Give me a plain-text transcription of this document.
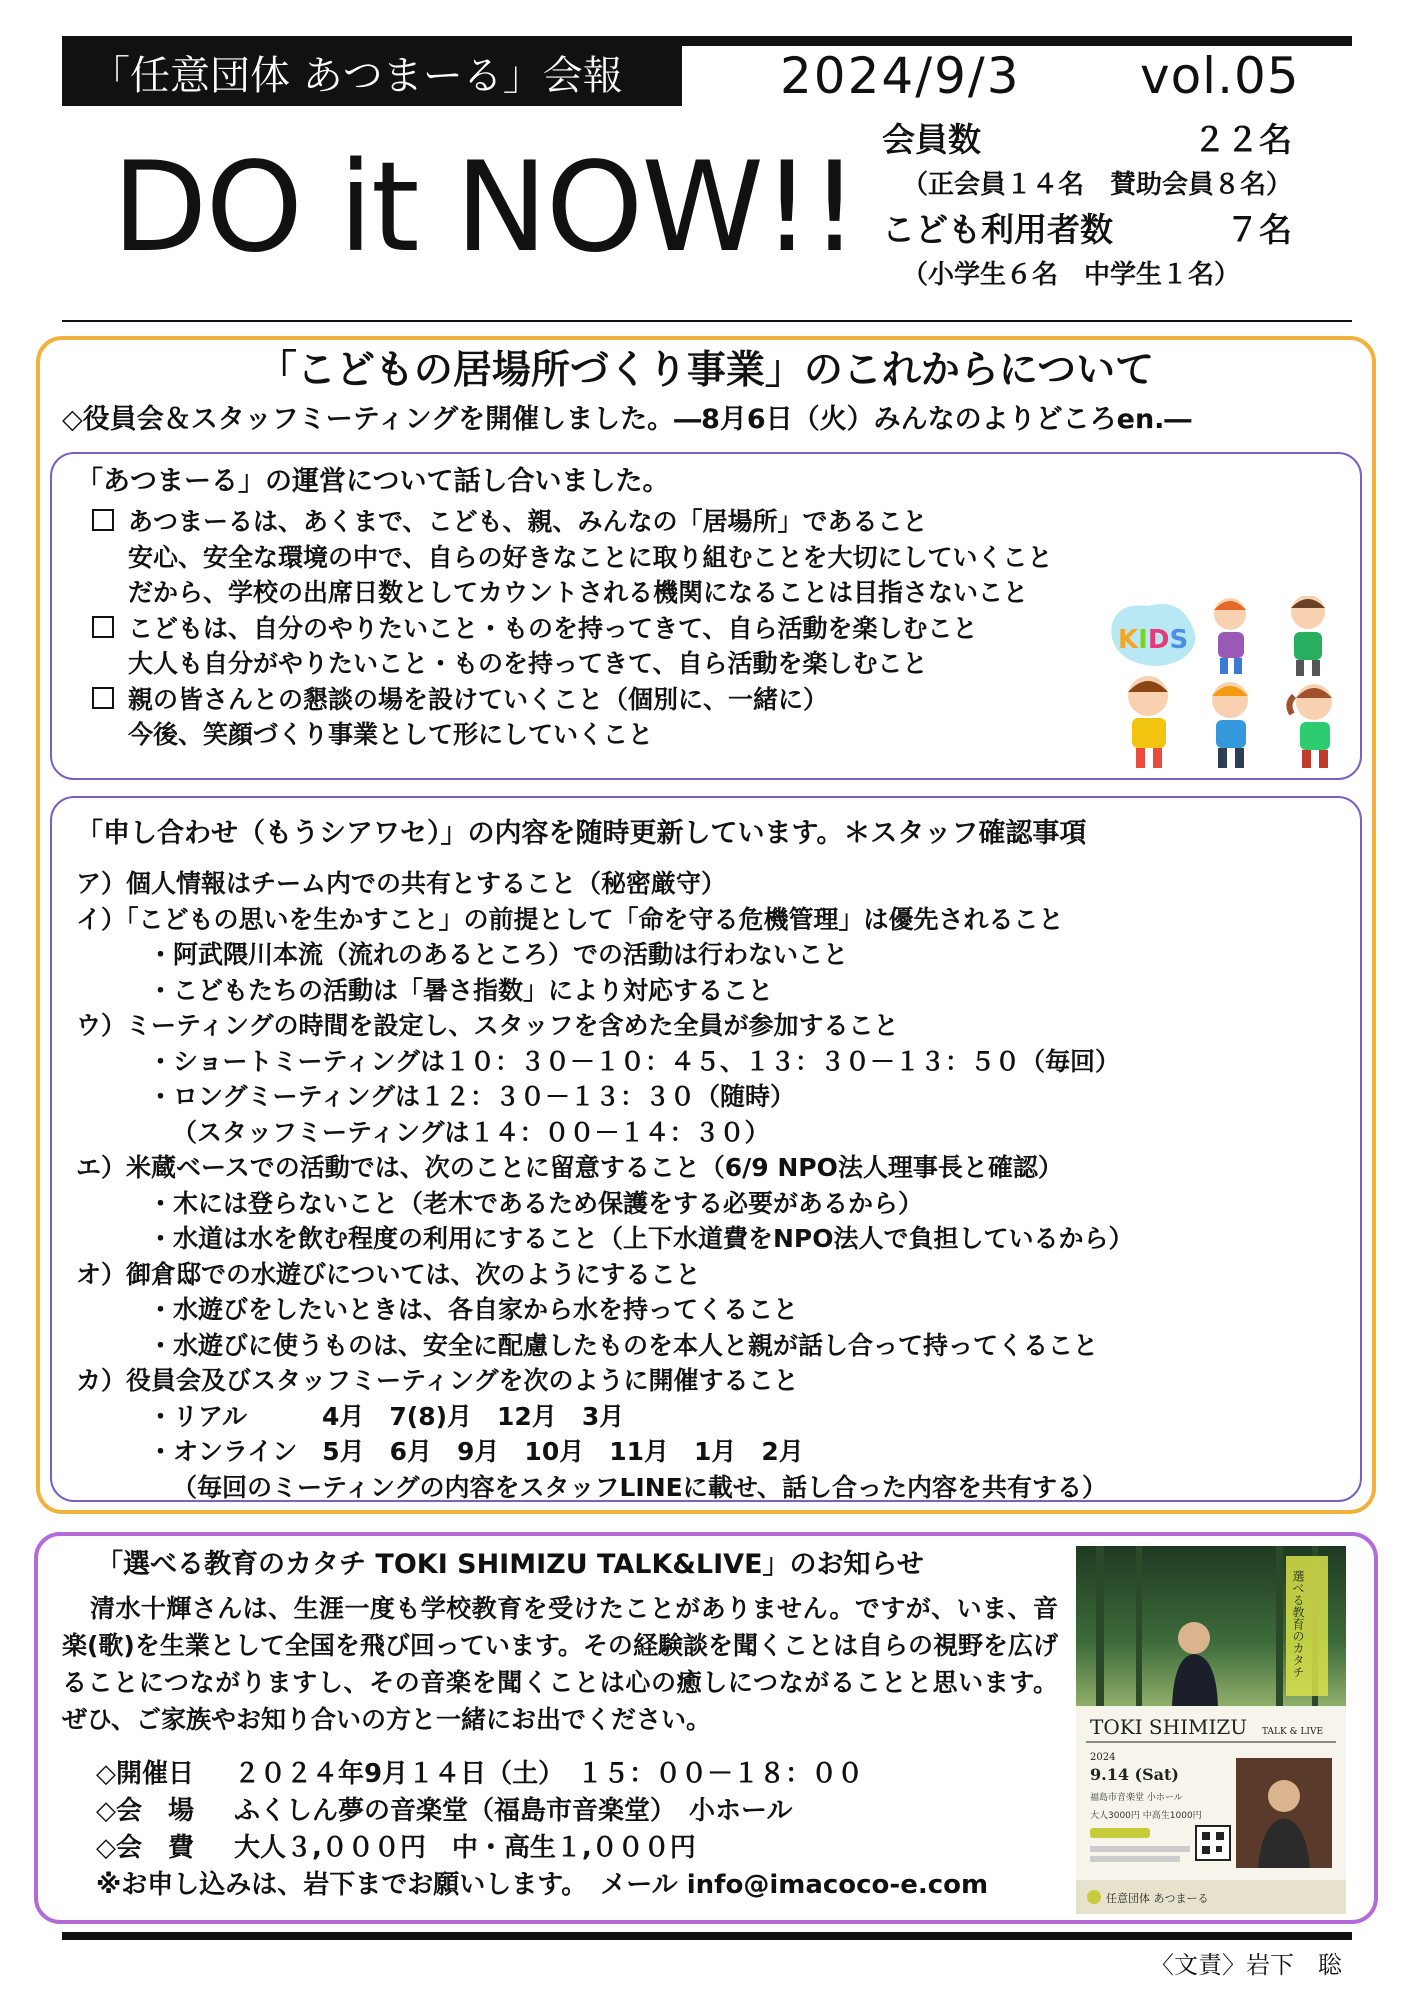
「任意団体 あつまーる」会報	2024/9/3 vol.05
DO it NOW!! 会員数	２２名
（正会員１４名　賛助会員８名）
こども利用者数	７名
（小学生６名　中学生１名）
「こどもの居場所づくり事業」のこれからについて
◇役員会＆スタッフミーティングを開催しました。―8月6日（火）みんなのよりどころen.―
「あつまーる」の運営について話し合いました。
あつまーるは、あくまで、こども、親、みんなの「居場所」であること
安心、安全な環境の中で、自らの好きなことに取り組むことを大切にしていくこと
だから、学校の出席日数としてカウントされる機関になることは目指さないこと
こどもは、自分のやりたいこと・ものを持ってきて、自ら活動を楽しむこと
大人も自分がやりたいこと・ものを持ってきて、自ら活動を楽しむこと
親の皆さんとの懇談の場を設けていくこと（個別に、一緒に）
今後、笑顔づくり事業として形にしていくこと
KIDS
「申し合わせ（もうシアワセ）」の内容を随時更新しています。＊スタッフ確認事項
ア）個人情報はチーム内での共有とすること（秘密厳守）
イ）「こどもの思いを生かすこと」の前提として「命を守る危機管理」は優先されること
・阿武隈川本流（流れのあるところ）での活動は行わないこと
・こどもたちの活動は「暑さ指数」により対応すること
ウ）ミーティングの時間を設定し、スタッフを含めた全員が参加すること
・ショートミーティングは１０：３０－１０：４５、１３：３０－１３：５０（毎回）
・ロングミーティングは１２：３０－１３：３０（随時）
（スタッフミーティングは１４：００－１４：３０）
エ）米蔵ベースでの活動では、次のことに留意すること（6/9 NPO法人理事長と確認）
・木には登らないこと（老木であるため保護をする必要があるから）
・水道は水を飲む程度の利用にすること（上下水道費をNPO法人で負担しているから）
オ）御倉邸での水遊びについては、次のようにすること
・水遊びをしたいときは、各自家から水を持ってくること
・水遊びに使うものは、安全に配慮したものを本人と親が話し合って持ってくること
カ）役員会及びスタッフミーティングを次のように開催すること
・リアル　　　4月　7(8)月　12月　3月
・オンライン　5月　6月　9月　10月　11月　1月　2月
（毎回のミーティングの内容をスタッフLINEに載せ、話し合った内容を共有する）
「選べる教育のカタチ TOKI SHIMIZU TALK&LIVE」のお知らせ
清水十輝さんは、生涯一度も学校教育を受けたことがありません。ですが、いま、音楽(歌)を生業として全国を飛び回っています。その経験談を聞くことは自らの視野を広げることにつながりますし、その音楽を聞くことは心の癒しにつながることと思います。ぜひ、ご家族やお知り合いの方と一緒にお出でください。
◇開催日 ２０２４年9月１４日（土）　１５：００－１８：００
◇会　場 ふくしん夢の音楽堂（福島市音楽堂）　小ホール
◇会　費 大人３,０００円　中・高生１,０００円
※お申し込みは、岩下までお願いします。　メール info@imacoco-e.com
選べる教育のカタチ
TOKI SHIMIZU TALK & LIVE
2024
9.14 (Sat)
福島市音楽堂 小ホール
大人3000円 中高生1000円
任意団体 あつまーる
〈文責〉岩下　聡
